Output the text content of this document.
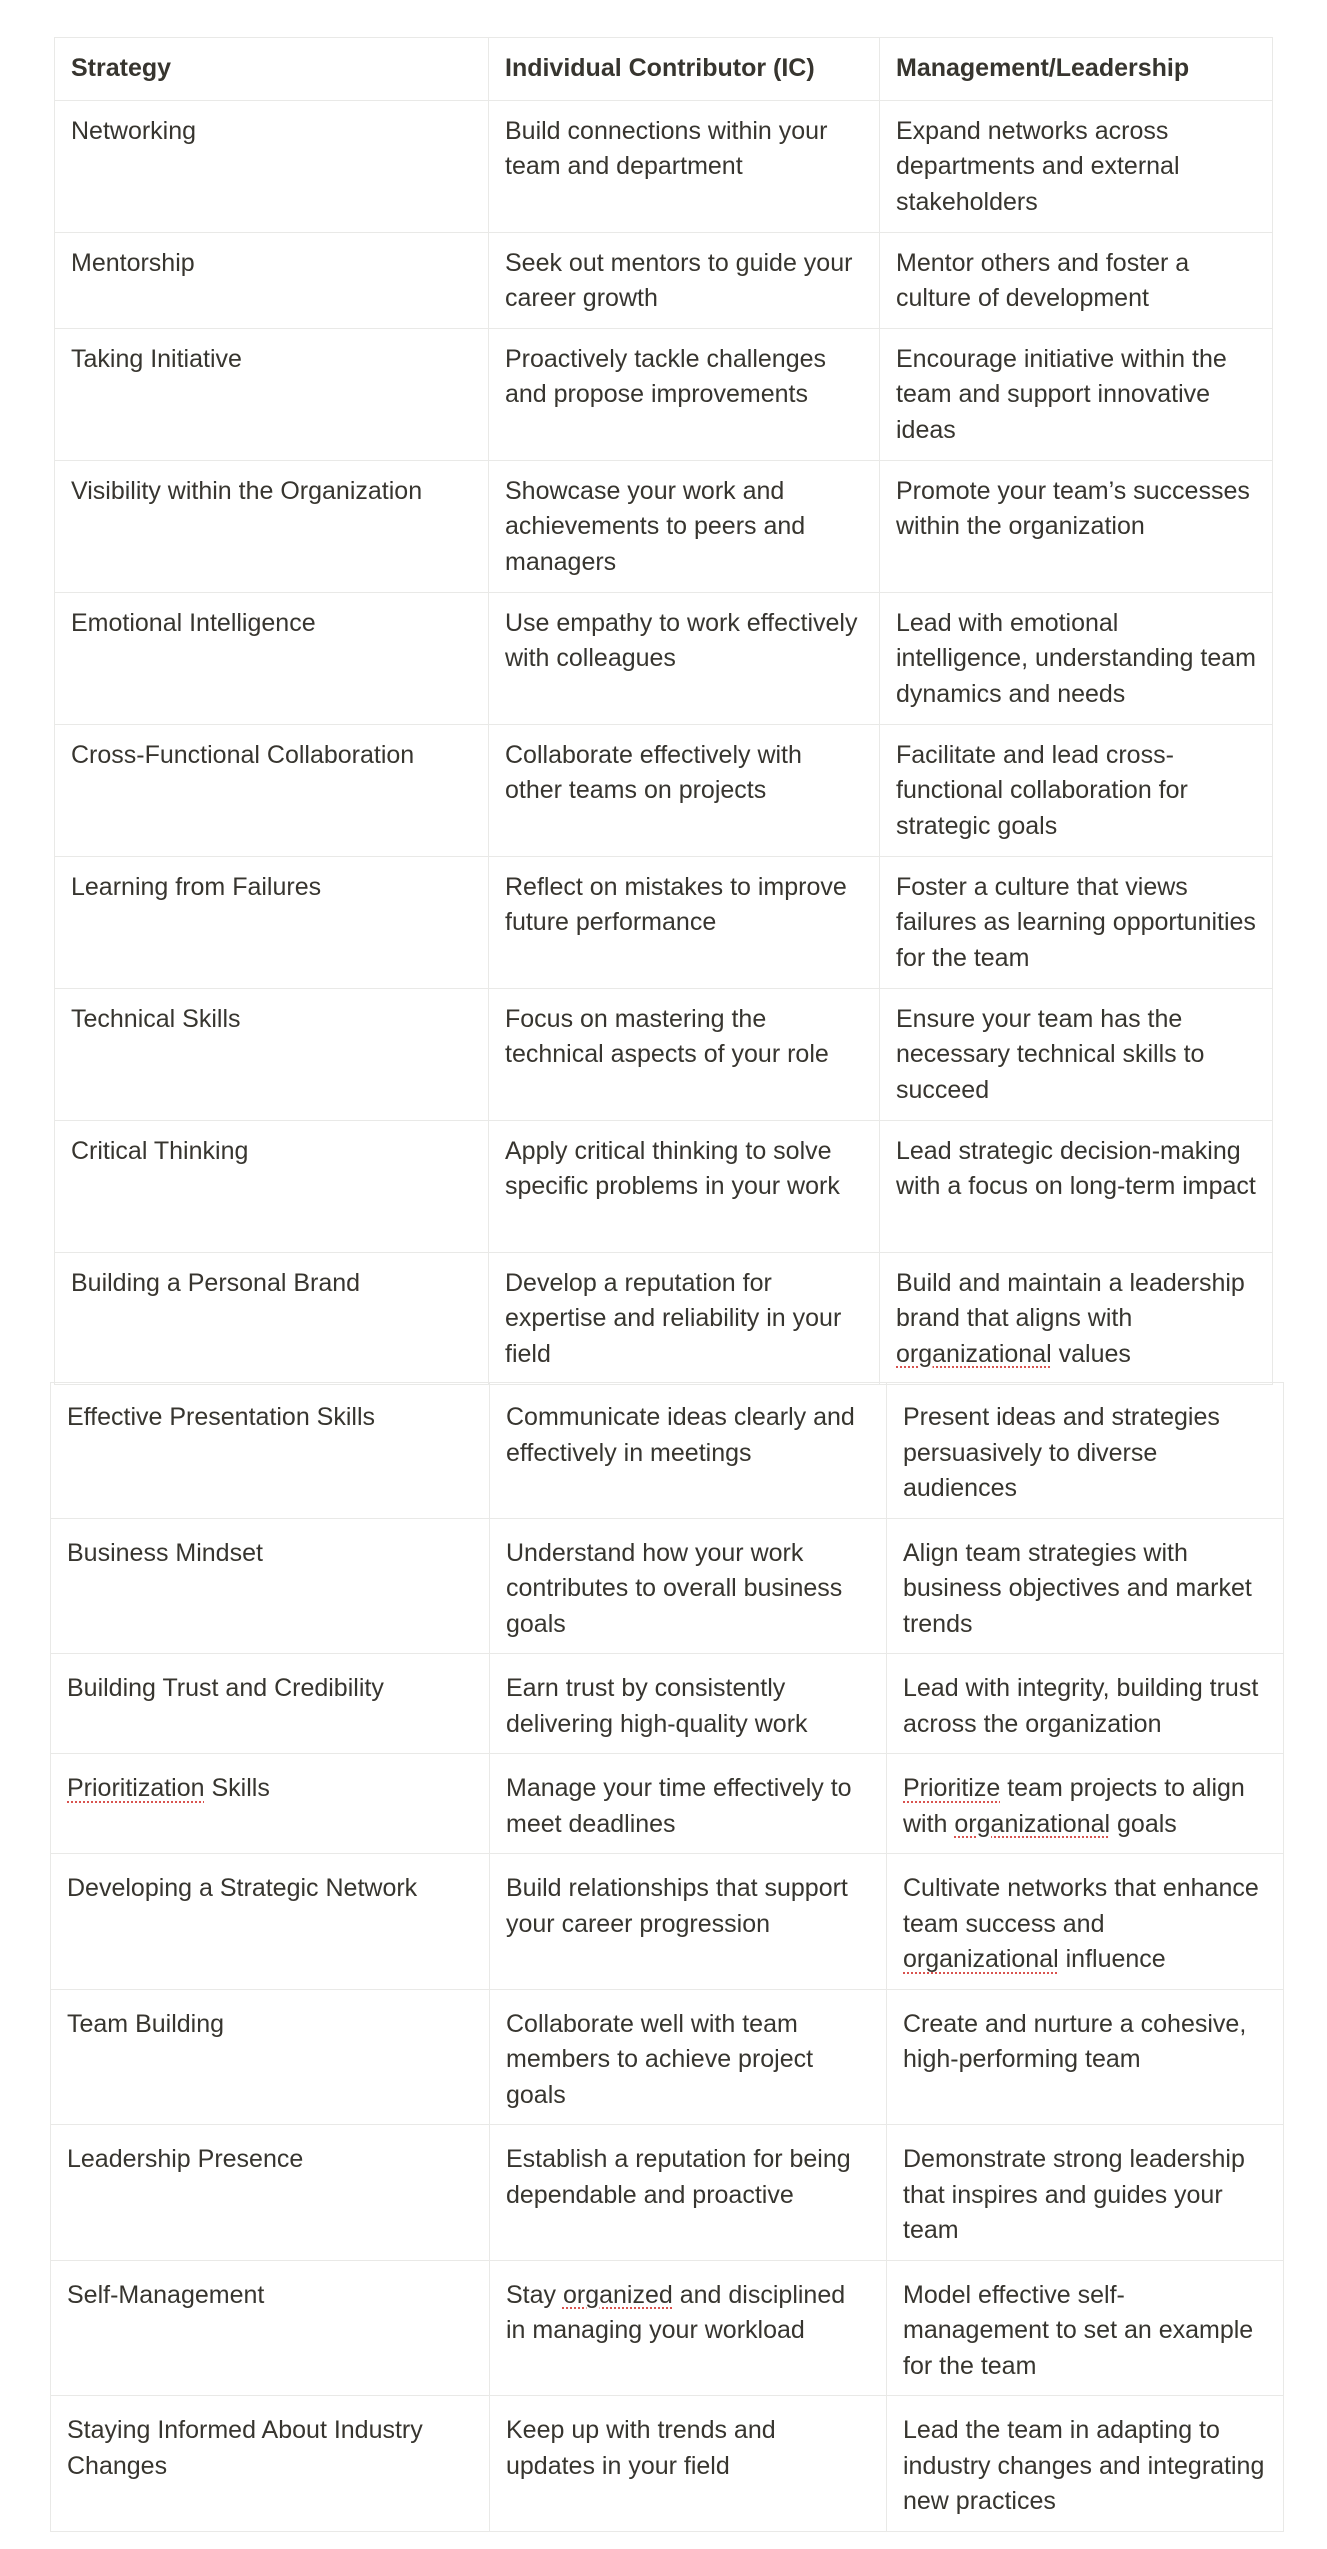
Strategy	Individual Contributor (IC)	Management/Leadership
Networking	Build connections within your team and department	Expand networks across departments and external stakeholders
Mentorship	Seek out mentors to guide your career growth	Mentor others and foster a culture of development
Taking Initiative	Proactively tackle challenges and propose improvements	Encourage initiative within the team and support innovative ideas
Visibility within the Organization	Showcase your work and achievements to peers and managers	Promote your team’s successes within the organization
Emotional Intelligence	Use empathy to work effectively with colleagues	Lead with emotional intelligence, understanding team dynamics and needs
Cross-Functional Collaboration	Collaborate effectively with other teams on projects	Facilitate and lead cross-functional collaboration for strategic goals
Learning from Failures	Reflect on mistakes to improve future performance	Foster a culture that views failures as learning opportunities for the team
Technical Skills	Focus on mastering the technical aspects of your role	Ensure your team has the necessary technical skills to succeed
Critical Thinking	Apply critical thinking to solve specific problems in your work	Lead strategic decision-making with a focus on long-term impact
Building a Personal Brand	Develop a reputation for expertise and reliability in your field	Build and maintain a leadership brand that aligns with organizational values
Effective Presentation Skills	Communicate ideas clearly and effectively in meetings	Present ideas and strategies persuasively to diverse audiences
Business Mindset	Understand how your work contributes to overall business goals	Align team strategies with business objectives and market trends
Building Trust and Credibility	Earn trust by consistently delivering high-quality work	Lead with integrity, building trust across the organization
Prioritization Skills	Manage your time effectively to meet deadlines	Prioritize team projects to align with organizational goals
Developing a Strategic Network	Build relationships that support your career progression	Cultivate networks that enhance team success and organizational influence
Team Building	Collaborate well with team members to achieve project goals	Create and nurture a cohesive, high-performing team
Leadership Presence	Establish a reputation for being dependable and proactive	Demonstrate strong leadership that inspires and guides your team
Self-Management	Stay organized and disciplined in managing your workload	Model effective self-management to set an example for the team
Staying Informed About Industry Changes	Keep up with trends and updates in your field	Lead the team in adapting to industry changes and integrating new practices
